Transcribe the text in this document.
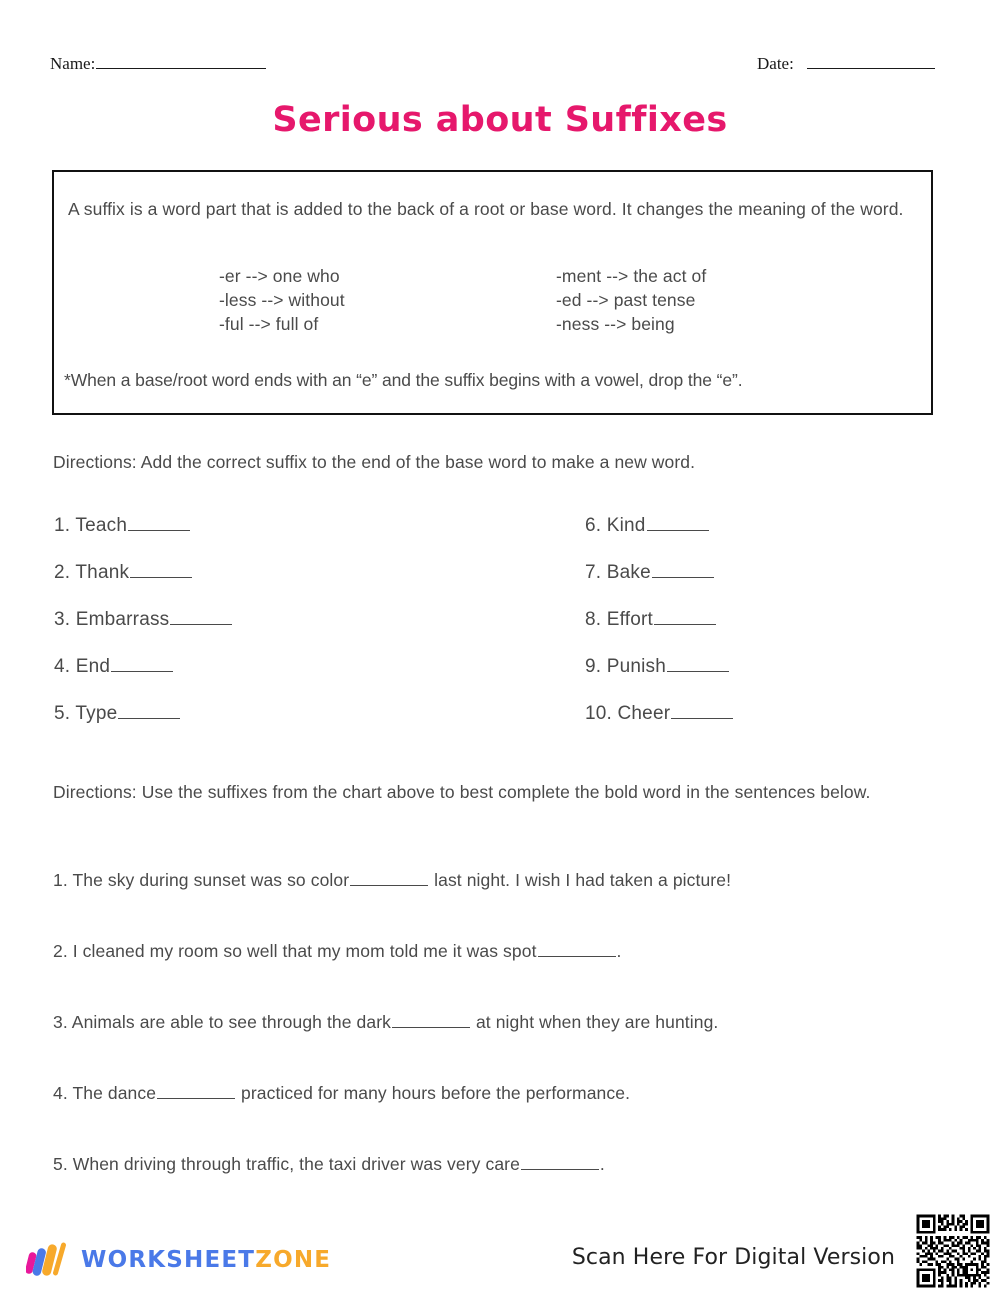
Name:	Date:
Serious about Suffixes
A suffix is a word part that is added to the back of a root or base word. It changes the meaning of the word.
-er --> one who
-less --> without
-ful --> full of
-ment --> the act of
-ed --> past tense
-ness --> being
*When a base/root word ends with an “e” and the suffix begins with a vowel, drop the “e”.
Directions: Add the correct suffix to the end of the base word to make a new word.
1. Teach
2. Thank
3. Embarrass
4. End
5. Type
6. Kind
7. Bake
8. Effort
9. Punish
10. Cheer
Directions: Use the suffixes from the chart above to best complete the bold word in the sentences below.
1. The sky during sunset was so color	last night. I wish I had taken a picture!
2. I cleaned my room so well that my mom told me it was spot	.
3. Animals are able to see through the dark	at night when they are hunting.
4. The dance	practiced for many hours before the performance.
5. When driving through traffic, the taxi driver was very care	.
WORKSHEETZONE	Scan Here For Digital Version
